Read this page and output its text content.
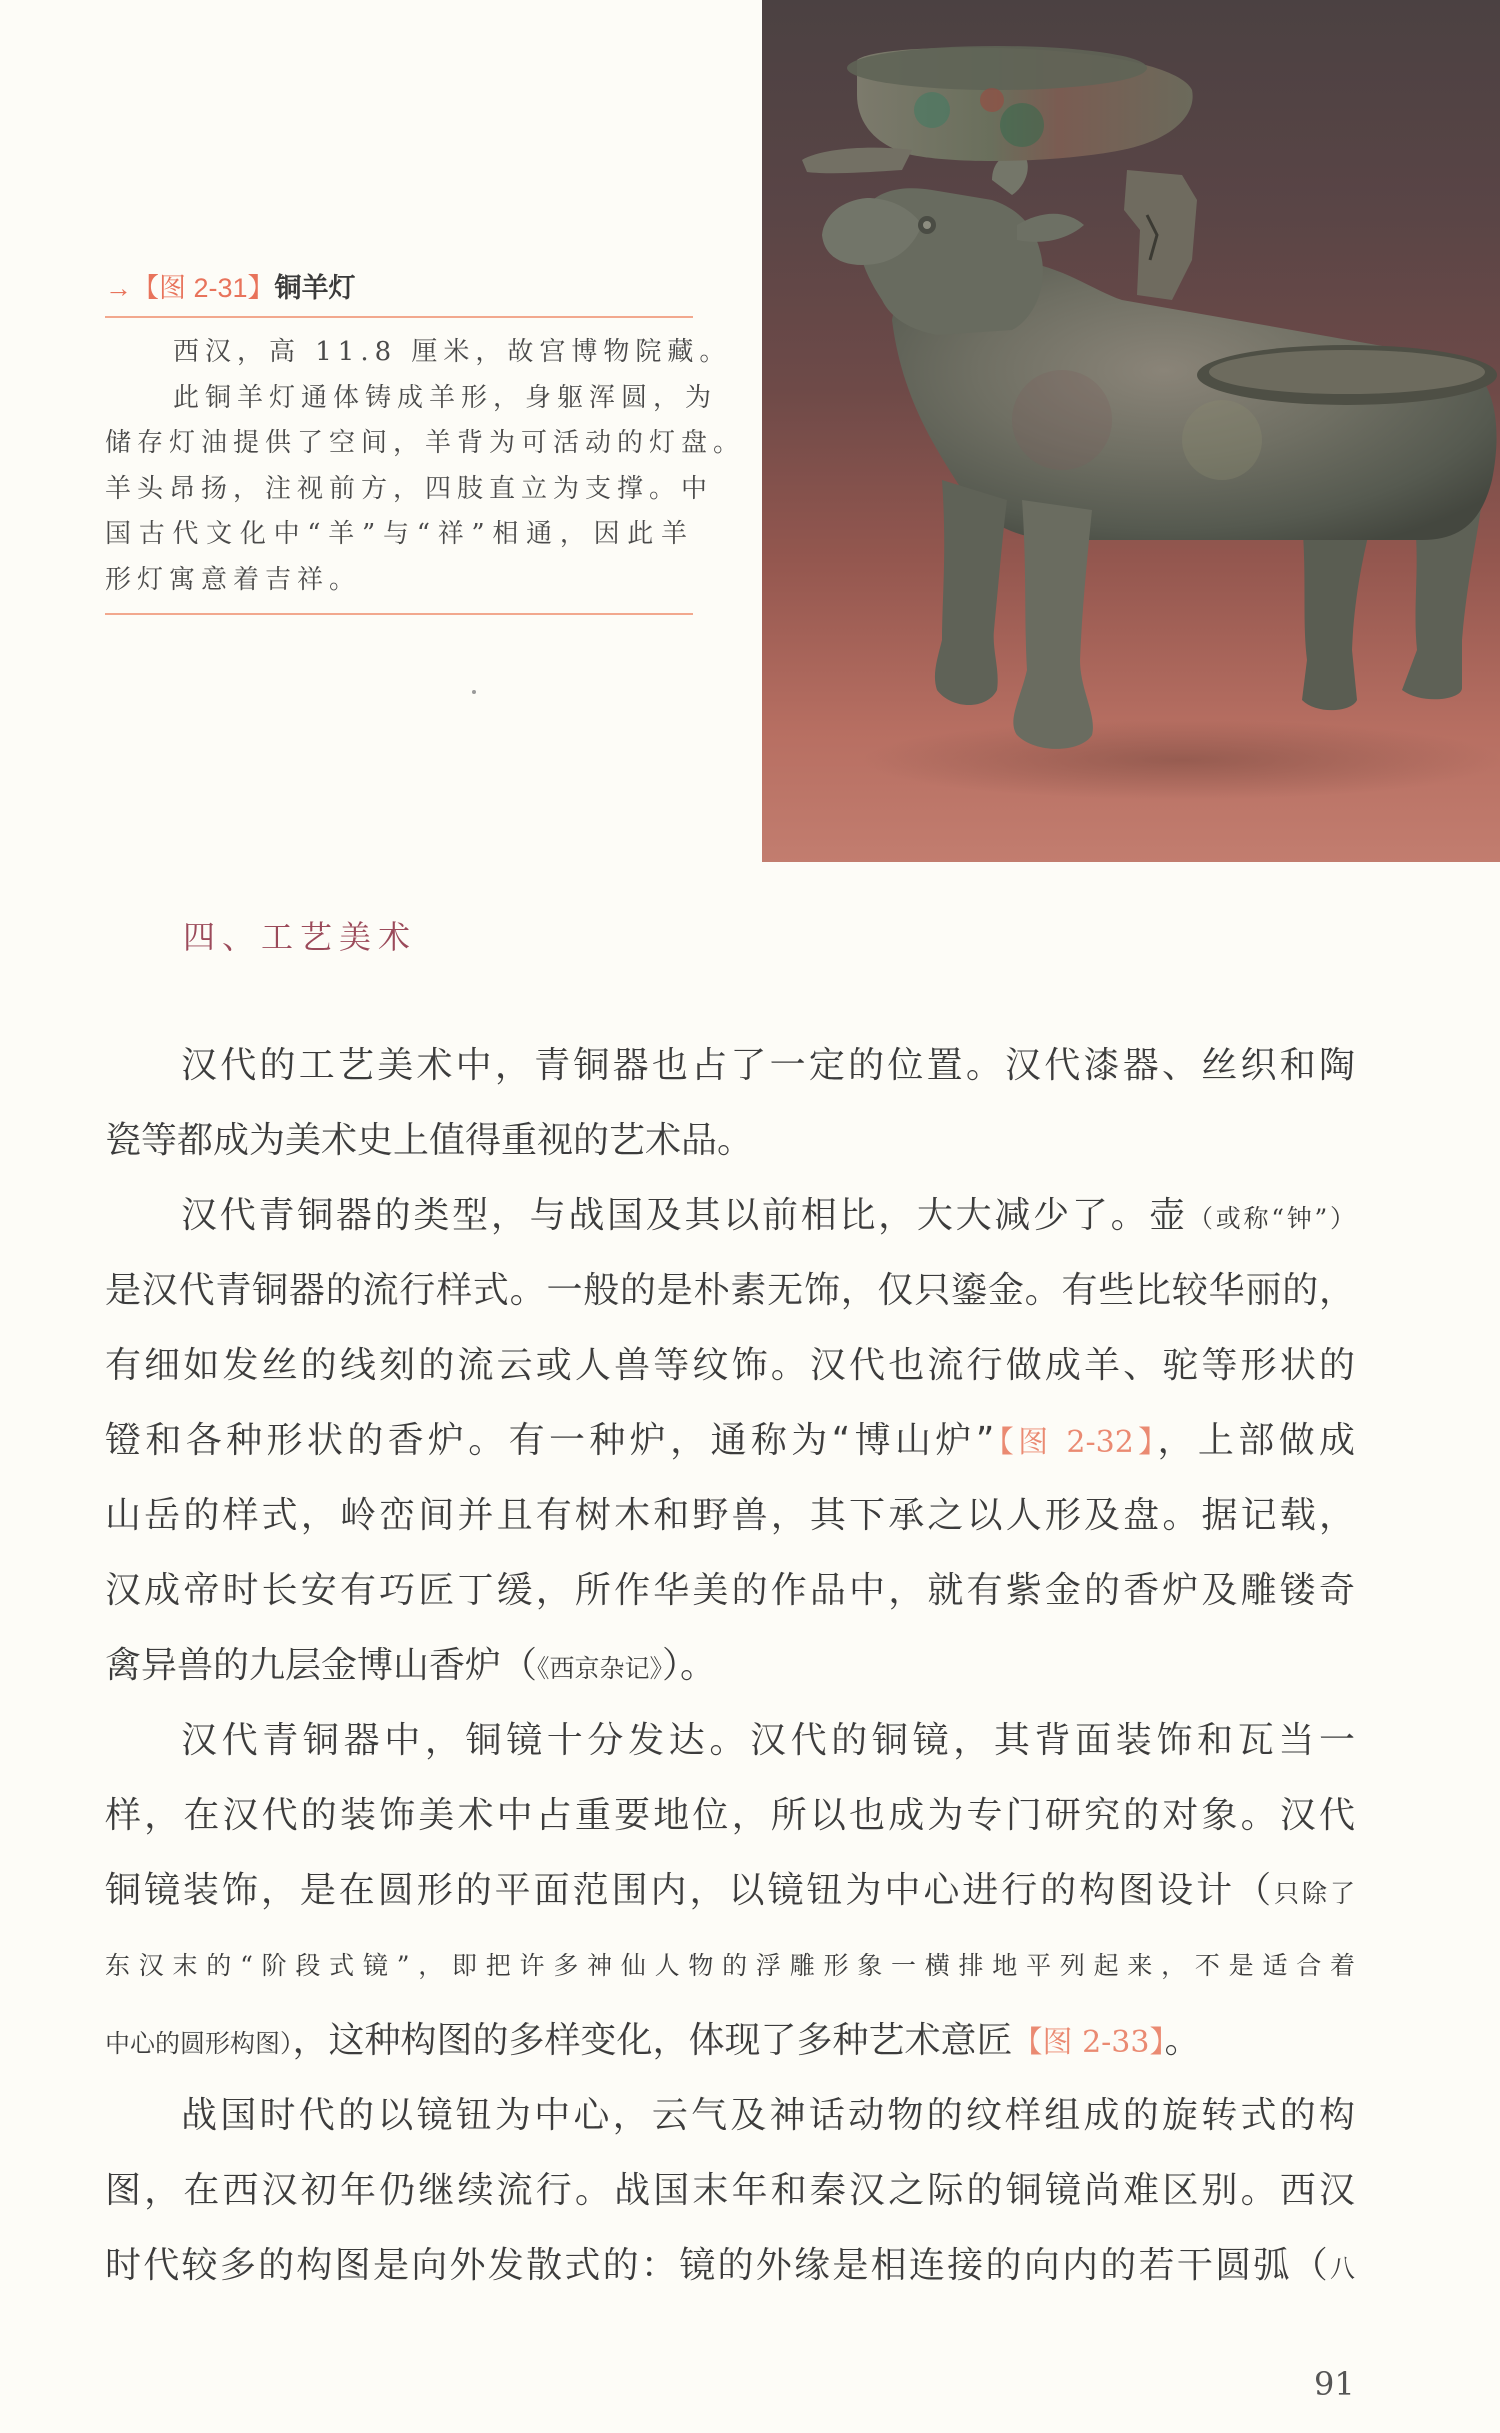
→【图 2-31】铜羊灯
西汉，高 11.8 厘米，故宫博物院藏。
此铜羊灯通体铸成羊形，身躯浑圆，为
储存灯油提供了空间，羊背为可活动的灯盘。
羊头昂扬，注视前方，四肢直立为支撑。中
国古代文化中“羊”与“祥”相通，因此羊
形灯寓意着吉祥。
四、工艺美术
汉代的工艺美术中，青铜器也占了一定的位置。汉代漆器、丝织和陶
瓷等都成为美术史上值得重视的艺术品。
汉代青铜器的类型，与战国及其以前相比，大大减少了。壶（或称“钟”）
是汉代青铜器的流行样式。一般的是朴素无饰，仅只鎏金。有些比较华丽的，
有细如发丝的线刻的流云或人兽等纹饰。汉代也流行做成羊、驼等形状的
镫和各种形状的香炉。有一种炉，通称为“博山炉”【图 2-32】，上部做成
山岳的样式，岭峦间并且有树木和野兽，其下承之以人形及盘。据记载，
汉成帝时长安有巧匠丁缓，所作华美的作品中，就有紫金的香炉及雕镂奇
禽异兽的九层金博山香炉（《西京杂记》）。
汉代青铜器中，铜镜十分发达。汉代的铜镜，其背面装饰和瓦当一
样，在汉代的装饰美术中占重要地位，所以也成为专门研究的对象。汉代
铜镜装饰，是在圆形的平面范围内，以镜钮为中心进行的构图设计（只除了
东汉末的“阶段式镜”，即把许多神仙人物的浮雕形象一横排地平列起来，不是适合着
中心的圆形构图），这种构图的多样变化，体现了多种艺术意匠【图 2-33】。
战国时代的以镜钮为中心，云气及神话动物的纹样组成的旋转式的构
图，在西汉初年仍继续流行。战国末年和秦汉之际的铜镜尚难区别。西汉
时代较多的构图是向外发散式的：镜的外缘是相连接的向内的若干圆弧（八
91
